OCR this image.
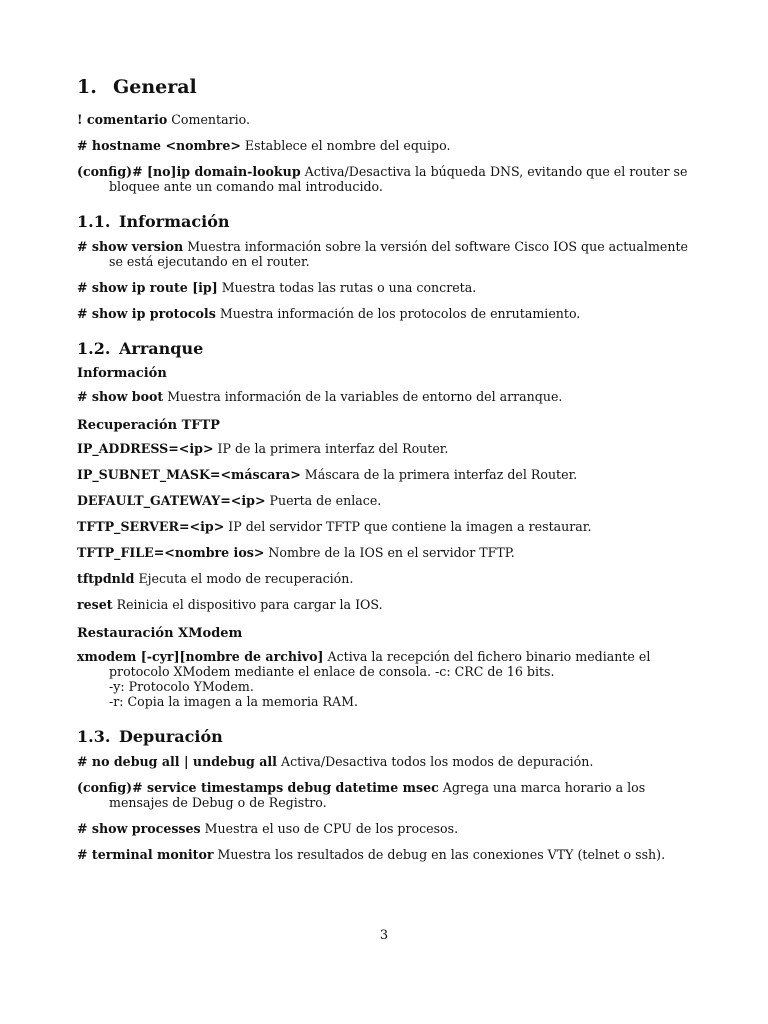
1. General

! comentario Comentario.

# hostname <nombre> Establece el nombre del equipo.

(config)# [no]ip domain-lookup Activa/Desactiva la búqueda DNS, evitando que el router se bloquee ante un comando mal introducido.

1.1. Información

# show version Muestra información sobre la versión del software Cisco IOS que actualmente se está ejecutando en el router.

# show ip route [ip] Muestra todas las rutas o una concreta.

# show ip protocols Muestra información de los protocolos de enrutamiento.

1.2. Arranque
Información

# show boot Muestra información de la variables de entorno del arranque.

Recuperación TFTP

IP_ADDRESS=<ip> IP de la primera interfaz del Router.

IP_SUBNET_MASK=<máscara> Máscara de la primera interfaz del Router.

DEFAULT_GATEWAY=<ip> Puerta de enlace.

TFTP_SERVER=<ip> IP del servidor TFTP que contiene la imagen a restaurar.

TFTP_FILE=<nombre ios> Nombre de la IOS en el servidor TFTP.

tftpdnld Ejecuta el modo de recuperación.

reset Reinicia el dispositivo para cargar la IOS.

Restauración XModem

xmodem [-cyr][nombre de archivo] Activa la recepción del fichero binario mediante el protocolo XModem mediante el enlace de consola. -c: CRC de 16 bits.
-y: Protocolo YModem.
-r: Copia la imagen a la memoria RAM.

1.3. Depuración

# no debug all | undebug all Activa/Desactiva todos los modos de depuración.

(config)# service timestamps debug datetime msec Agrega una marca horario a los mensajes de Debug o de Registro.

# show processes Muestra el uso de CPU de los procesos.

# terminal monitor Muestra los resultados de debug en las conexiones VTY (telnet o ssh).

3
